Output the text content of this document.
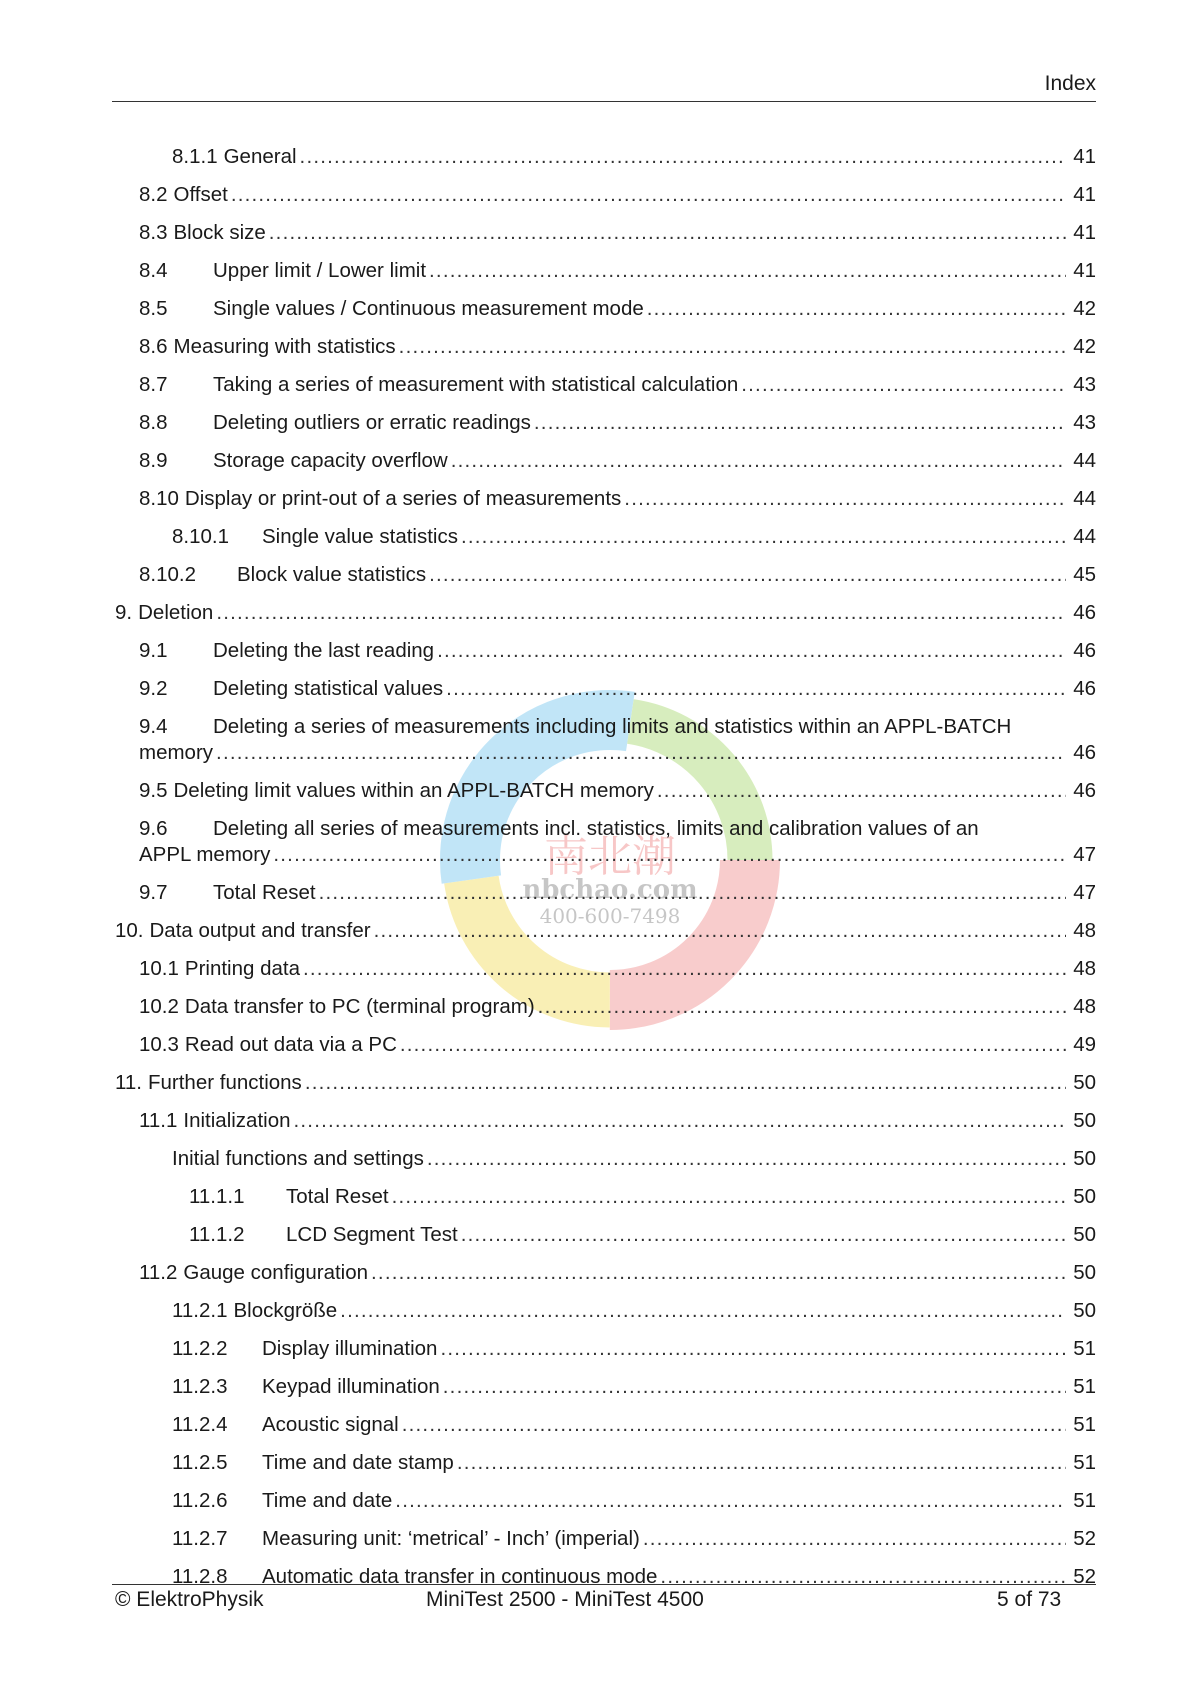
Index
南北潮
nbchao.com
400-600-7498
8.1.1 General .....	41
8.2 Offset .....	41
8.3 Block size .....	41
8.4	Upper limit / Lower limit .....	41
8.5	Single values / Continuous measurement mode .....	42
8.6 Measuring with statistics .....	42
8.7	Taking a series of measurement with statistical calculation .....	43
8.8	Deleting outliers or erratic readings .....	43
8.9	Storage capacity overflow .....	44
8.10 Display or print-out of a series of measurements .....	44
8.10.1	Single value statistics .....	44
8.10.2	Block value statistics .....	45
9. Deletion .....	46
9.1	Deleting the last reading .....	46
9.2	Deleting statistical values .....	46
9.4	Deleting a series of measurements including limits and statistics within an APPL-BATCH
memory .....	46
9.5 Deleting limit values within an APPL-BATCH memory .....	46
9.6	Deleting all series of measurements incl. statistics, limits and calibration values of an
APPL memory .....	47
9.7	Total Reset .....	47
10. Data output and transfer .....	48
10.1 Printing data .....	48
10.2 Data transfer to PC (terminal program) .....	48
10.3 Read out data via a PC .....	49
11. Further functions .....	50
11.1 Initialization .....	50
Initial functions and settings .....	50
11.1.1	Total Reset .....	50
11.1.2	LCD Segment Test .....	50
11.2 Gauge configuration .....	50
11.2.1 Blockgröße .....	50
11.2.2	Display illumination .....	51
11.2.3	Keypad illumination .....	51
11.2.4	Acoustic signal .....	51
11.2.5	Time and date stamp .....	51
11.2.6	Time and date .....	51
11.2.7	Measuring unit: ‘metrical’ - Inch’ (imperial) .....	52
11.2.8	Automatic data transfer in continuous mode .....	52
© ElektroPhysik	MiniTest 2500 - MiniTest 4500	5 of 73
